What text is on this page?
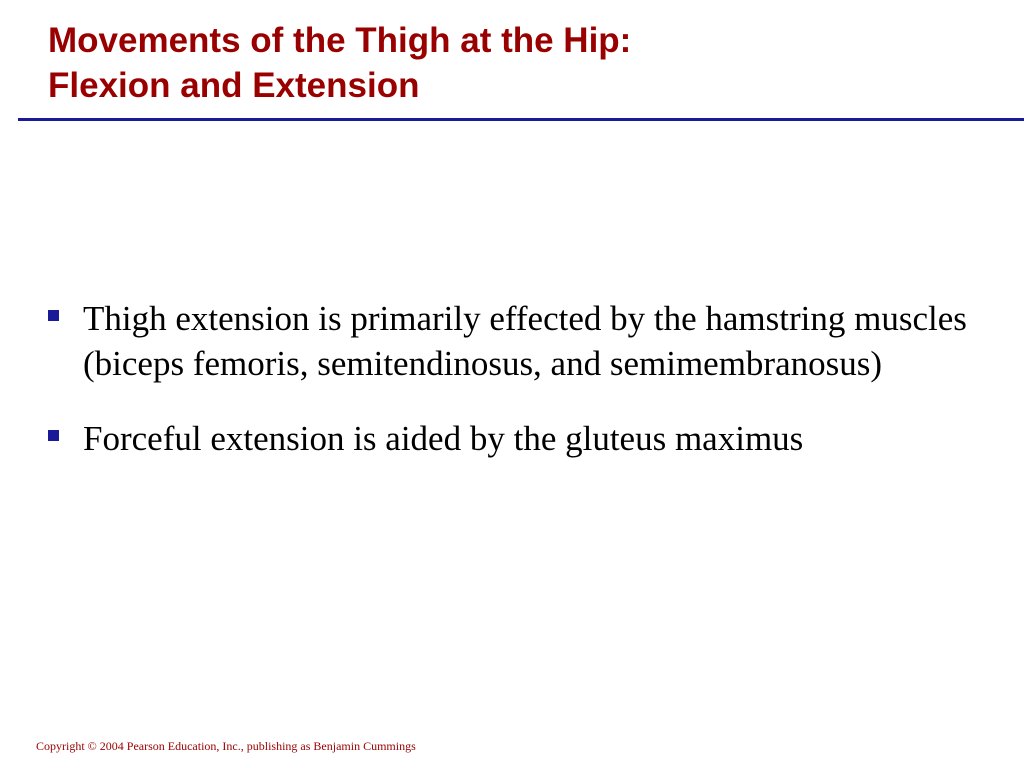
Movements of the Thigh at the Hip:
Flexion and Extension
Thigh extension is primarily effected by the hamstring muscles (biceps femoris, semitendinosus, and semimembranosus)
Forceful extension is aided by the gluteus maximus
Copyright © 2004 Pearson Education, Inc., publishing as Benjamin Cummings
